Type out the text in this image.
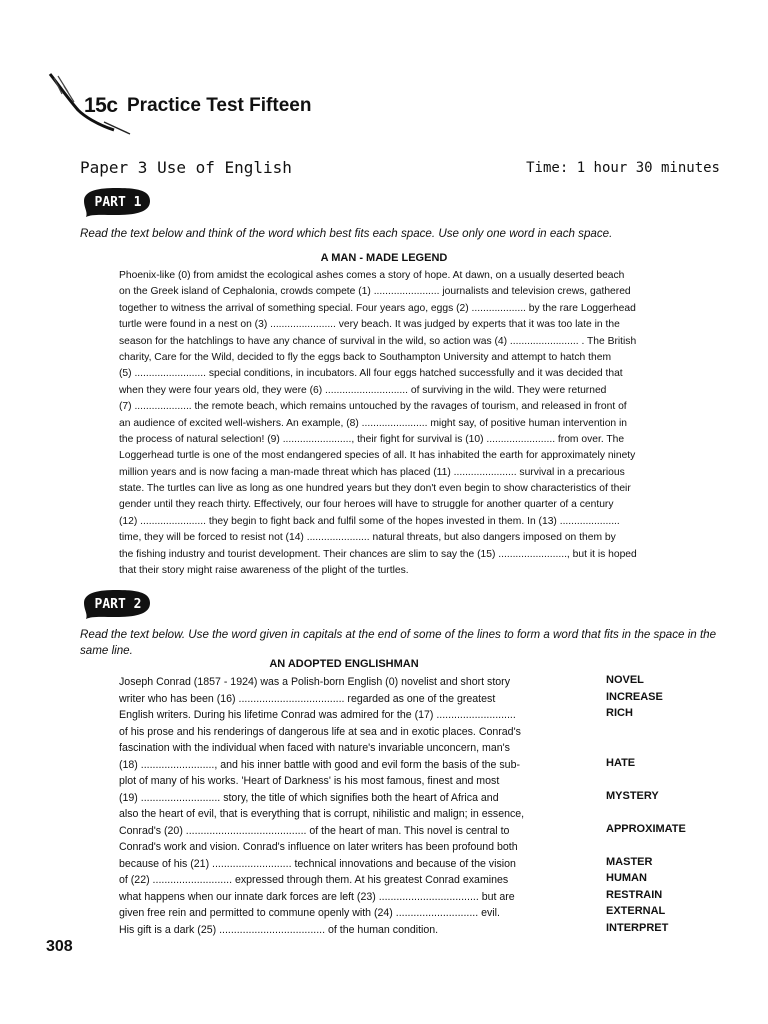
15c Practice Test Fifteen
Paper 3 Use of English	Time: 1 hour 30 minutes
PART 1
Read the text below and think of the word which best fits each space. Use only one word in each space.
A MAN - MADE LEGEND
Phoenix-like (0) from amidst the ecological ashes comes a story of hope. At dawn, on a usually deserted beach
on the Greek island of Cephalonia, crowds compete (1) ....................... journalists and television crews, gathered
together to witness the arrival of something special. Four years ago, eggs (2) ................... by the rare Loggerhead
turtle were found in a nest on (3) ....................... very beach. It was judged by experts that it was too late in the
season for the hatchlings to have any chance of survival in the wild, so action was (4) ........................ . The British
charity, Care for the Wild, decided to fly the eggs back to Southampton University and attempt to hatch them
(5) ......................... special conditions, in incubators. All four eggs hatched successfully and it was decided that
when they were four years old, they were (6) ............................. of surviving in the wild. They were returned
(7) .................... the remote beach, which remains untouched by the ravages of tourism, and released in front of
an audience of excited well-wishers. An example, (8) ....................... might say, of positive human intervention in
the process of natural selection! (9) ........................, their fight for survival is (10) ........................ from over. The
Loggerhead turtle is one of the most endangered species of all. It has inhabited the earth for approximately ninety
million years and is now facing a man-made threat which has placed (11) ...................... survival in a precarious
state. The turtles can live as long as one hundred years but they don't even begin to show characteristics of their
gender until they reach thirty. Effectively, our four heroes will have to struggle for another quarter of a century
(12) ....................... they begin to fight back and fulfil some of the hopes invested in them. In (13) .....................
time, they will be forced to resist not (14) ...................... natural threats, but also dangers imposed on them by
the fishing industry and tourist development. Their chances are slim to say the (15) ........................, but it is hoped
that their story might raise awareness of the plight of the turtles.
PART 2
Read the text below. Use the word given in capitals at the end of some of the lines to form a word that fits in the space in the same line.
AN ADOPTED ENGLISHMAN
Joseph Conrad (1857 - 1924) was a Polish-born English (0) novelist and short story
writer who has been (16) .................................... regarded as one of the greatest
English writers. During his lifetime Conrad was admired for the (17) ...........................
of his prose and his renderings of dangerous life at sea and in exotic places. Conrad's
fascination with the individual when faced with nature's invariable unconcern, man's
(18) ........................., and his inner battle with good and evil form the basis of the sub-
plot of many of his works. 'Heart of Darkness' is his most famous, finest and most
(19) ........................... story, the title of which signifies both the heart of Africa and
also the heart of evil, that is everything that is corrupt, nihilistic and malign; in essence,
Conrad's (20) ......................................... of the heart of man. This novel is central to
Conrad's work and vision. Conrad's influence on later writers has been profound both
because of his (21) ........................... technical innovations and because of the vision
of (22) ........................... expressed through them. At his greatest Conrad examines
what happens when our innate dark forces are left (23) .................................. but are
given free rein and permitted to commune openly with (24) ............................ evil.
His gift is a dark (25) .................................... of the human condition.
NOVEL
INCREASE
RICH
HATE
MYSTERY
APPROXIMATE
MASTER
HUMAN
RESTRAIN
EXTERNAL
INTERPRET
308
